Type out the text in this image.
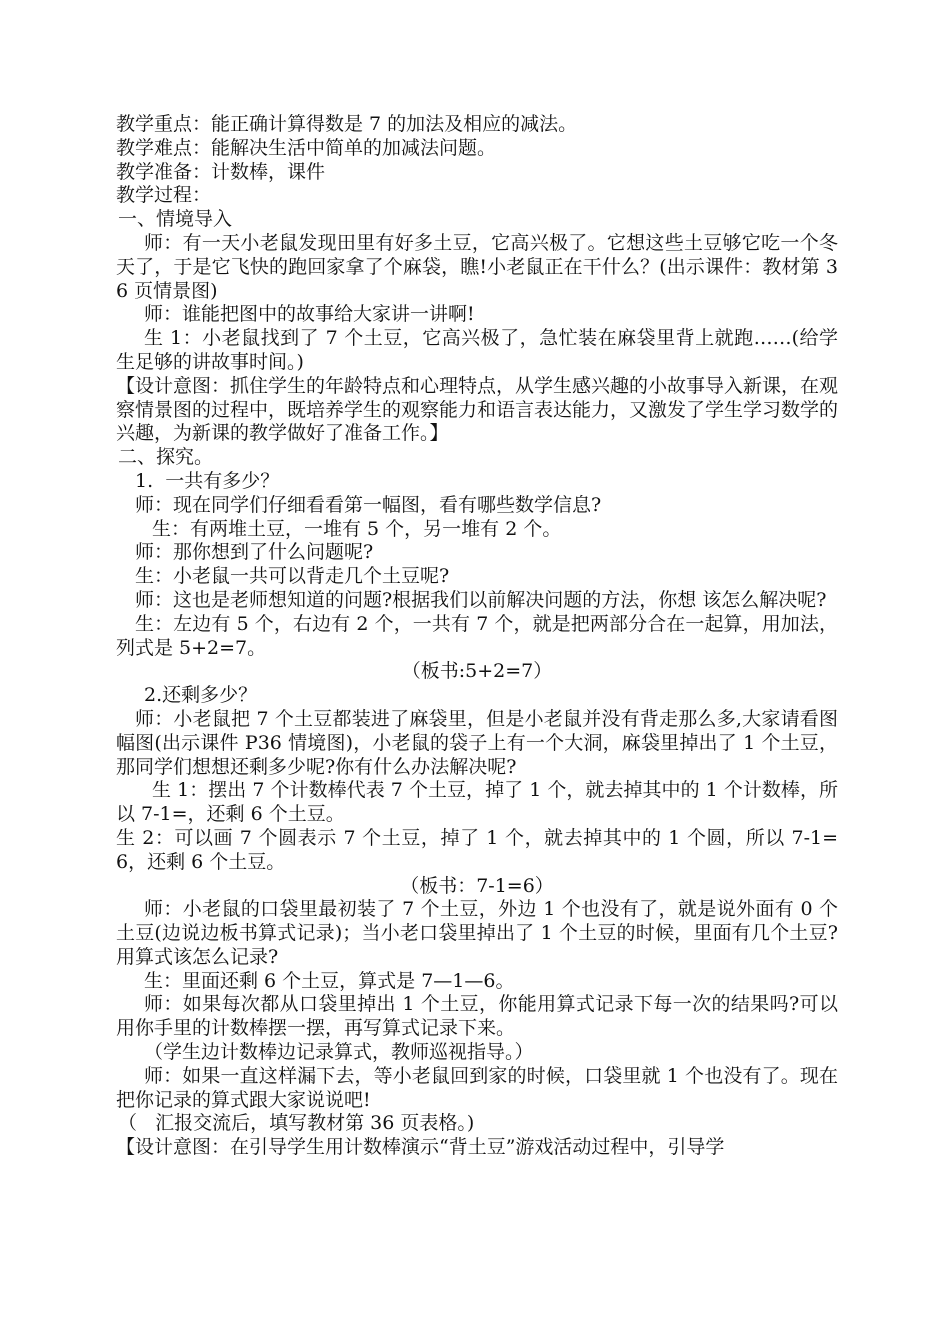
教学重点：能正确计算得数是 7 的加法及相应的减法。

教学难点：能解决生活中简单的加减法问题。

教学准备：计数棒，课件

教学过程：

一、情境导入

师：有一天小老鼠发现田里有好多土豆，它高兴极了。它想这些土豆够它吃一个冬天了，于是它飞快的跑回家拿了个麻袋，瞧!小老鼠正在干什么？(出示课件：教材第 36 页情景图)

师：谁能把图中的故事给大家讲一讲啊!

生 1：小老鼠找到了 7 个土豆，它高兴极了，急忙装在麻袋里背上就跑……(给学生足够的讲故事时间。)

【设计意图：抓住学生的年龄特点和心理特点，从学生感兴趣的小故事导入新课，在观察情景图的过程中，既培养学生的观察能力和语言表达能力，又激发了学生学习数学的兴趣，为新课的教学做好了准备工作。】

二、探究。

1.  一共有多少？

师：现在同学们仔细看看第一幅图，看有哪些数学信息?

生：有两堆土豆，一堆有 5 个，另一堆有 2 个。

师：那你想到了什么问题呢?

生：小老鼠一共可以背走几个土豆呢?

师：这也是老师想知道的问题?根据我们以前解决问题的方法，你想 该怎么解决呢?

生：左边有 5 个，右边有 2 个，一共有 7 个，就是把两部分合在一起算，用加法，列式是 5+2=7。

（板书:5+2=7）

2.还剩多少？

师：小老鼠把 7 个土豆都装进了麻袋里，但是小老鼠并没有背走那么多,大家请看图幅图(出示课件 P36 情境图)，小老鼠的袋子上有一个大洞，麻袋里掉出了 1 个土豆，那同学们想想还剩多少呢?你有什么办法解决呢?

生 1：摆出 7 个计数棒代表 7 个土豆，掉了 1 个，就去掉其中的 1 个计数棒，所以 7-1=，还剩 6 个土豆。

生 2：可以画 7 个圆表示 7 个土豆，掉了 1 个，就去掉其中的 1 个圆，所以 7-1=6，还剩 6 个土豆。

（板书：7-1=6）

师：小老鼠的口袋里最初装了 7 个土豆，外边 1 个也没有了，就是说外面有 0 个土豆(边说边板书算式记录)；当小老口袋里掉出了 1 个土豆的时候，里面有几个土豆?用算式该怎么记录?

生：里面还剩 6 个土豆，算式是 7—1—6。

师：如果每次都从口袋里掉出 1 个土豆，你能用算式记录下每一次的结果吗?可以用你手里的计数棒摆一摆，再写算式记录下来。

（学生边计数棒边记录算式，教师巡视指导。）

师：如果一直这样漏下去，等小老鼠回到家的时候，口袋里就 1 个也没有了。现在把你记录的算式跟大家说说吧!

（   汇报交流后，填写教材第 36 页表格。)

【设计意图：在引导学生用计数棒演示“背土豆”游戏活动过程中，引导学
